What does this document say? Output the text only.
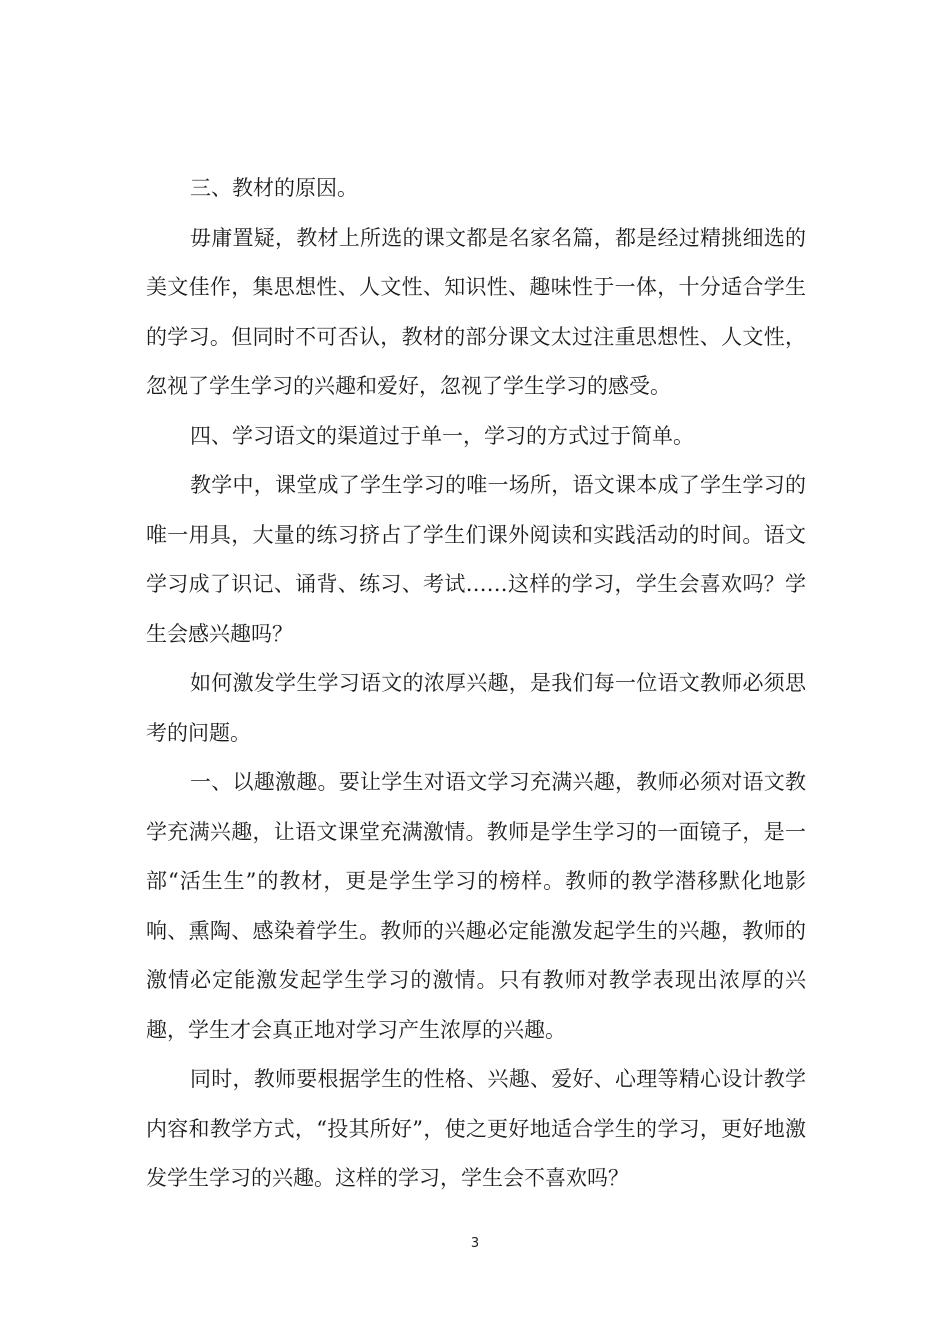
三、教材的原因。

毋庸置疑，教材上所选的课文都是名家名篇，都是经过精挑细选的美文佳作，集思想性、人文性、知识性、趣味性于一体，十分适合学生的学习。但同时不可否认，教材的部分课文太过注重思想性、人文性，忽视了学生学习的兴趣和爱好，忽视了学生学习的感受。

四、学习语文的渠道过于单一，学习的方式过于简单。

教学中，课堂成了学生学习的唯一场所，语文课本成了学生学习的唯一用具，大量的练习挤占了学生们课外阅读和实践活动的时间。语文学习成了识记、诵背、练习、考试……这样的学习，学生会喜欢吗？学生会感兴趣吗？

如何激发学生学习语文的浓厚兴趣，是我们每一位语文教师必须思考的问题。

一、以趣激趣。要让学生对语文学习充满兴趣，教师必须对语文教学充满兴趣，让语文课堂充满激情。教师是学生学习的一面镜子，是一部“活生生”的教材，更是学生学习的榜样。教师的教学潜移默化地影响、熏陶、感染着学生。教师的兴趣必定能激发起学生的兴趣，教师的激情必定能激发起学生学习的激情。只有教师对教学表现出浓厚的兴趣，学生才会真正地对学习产生浓厚的兴趣。

同时，教师要根据学生的性格、兴趣、爱好、心理等精心设计教学内容和教学方式，“投其所好”，使之更好地适合学生的学习，更好地激发学生学习的兴趣。这样的学习，学生会不喜欢吗？

3
